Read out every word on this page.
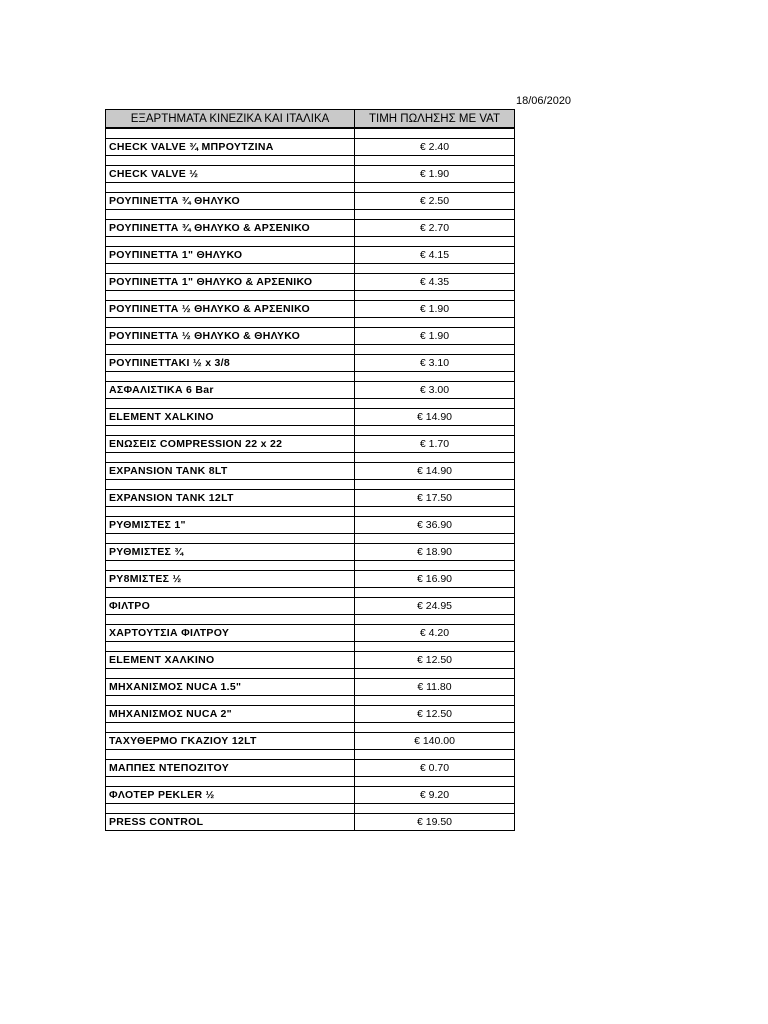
18/06/2020
ΕΞΑΡΤΗΜΑΤΑ ΚΙΝΕΖΙΚΑ ΚΑΙ ΙΤΑΛΙΚΑ	ΤΙΜΗ ΠΩΛΗΣΗΣ ΜΕ VAT

CHECK VALVE ¾ ΜΠΡΟΥΤΖΙΝΑ	€ 2.40

CHECK VALVE ½	€ 1.90

ΡΟΥΠΙΝΕΤΤΑ ¾ ΘΗΛΥΚΟ	€ 2.50

ΡΟΥΠΙΝΕΤΤΑ ¾ ΘΗΛΥΚΟ & ΑΡΣΕΝΙΚΟ	€ 2.70

ΡΟΥΠΙΝΕΤΤΑ 1" ΘΗΛΥΚΟ	€ 4.15

ΡΟΥΠΙΝΕΤΤΑ 1" ΘΗΛΥΚΟ & ΑΡΣΕΝΙΚΟ	€ 4.35

ΡΟΥΠΙΝΕΤΤΑ ½ ΘΗΛΥΚΟ & ΑΡΣΕΝΙΚΟ	€ 1.90

ΡΟΥΠΙΝΕΤΤΑ ½ ΘΗΛΥΚΟ & ΘΗΛΥΚΟ	€ 1.90

ΡΟΥΠΙΝΕΤΤΑΚΙ ½ x 3/8	€ 3.10

ΑΣΦΑΛΙΣΤΙΚΑ 6 Bar	€ 3.00

ELEMENT XALKINO	€ 14.90

ΕΝΩΣΕΙΣ COMPRESSION 22 x 22	€ 1.70

EXPANSION TANK 8LT	€ 14.90

EXPANSION TANK 12LT	€ 17.50

ΡΥΘΜΙΣΤΕΣ 1"	€ 36.90

ΡΥΘΜΙΣΤΕΣ ¾	€ 18.90

ΡΥ8ΜΙΣΤΕΣ ½	€ 16.90

ΦΙΛΤΡΟ	€ 24.95

ΧΑΡΤΟΥΤΣΙΑ ΦΙΛΤΡΟΥ	€ 4.20

ELEMENT ΧΑΛΚΙΝΟ	€ 12.50

ΜΗΧΑΝΙΣΜΟΣ NUCA 1.5"	€ 11.80

ΜΗΧΑΝΙΣΜΟΣ NUCA 2"	€ 12.50

ΤΑΧΥΘΕΡΜΟ ΓΚΑΖΙΟΥ 12LT	€ 140.00

ΜΑΠΠΕΣ ΝΤΕΠΟΖΙΤΟΥ	€ 0.70

ΦΛΟΤΕΡ PEKLER ½	€ 9.20

PRESS CONTROL	€ 19.50
